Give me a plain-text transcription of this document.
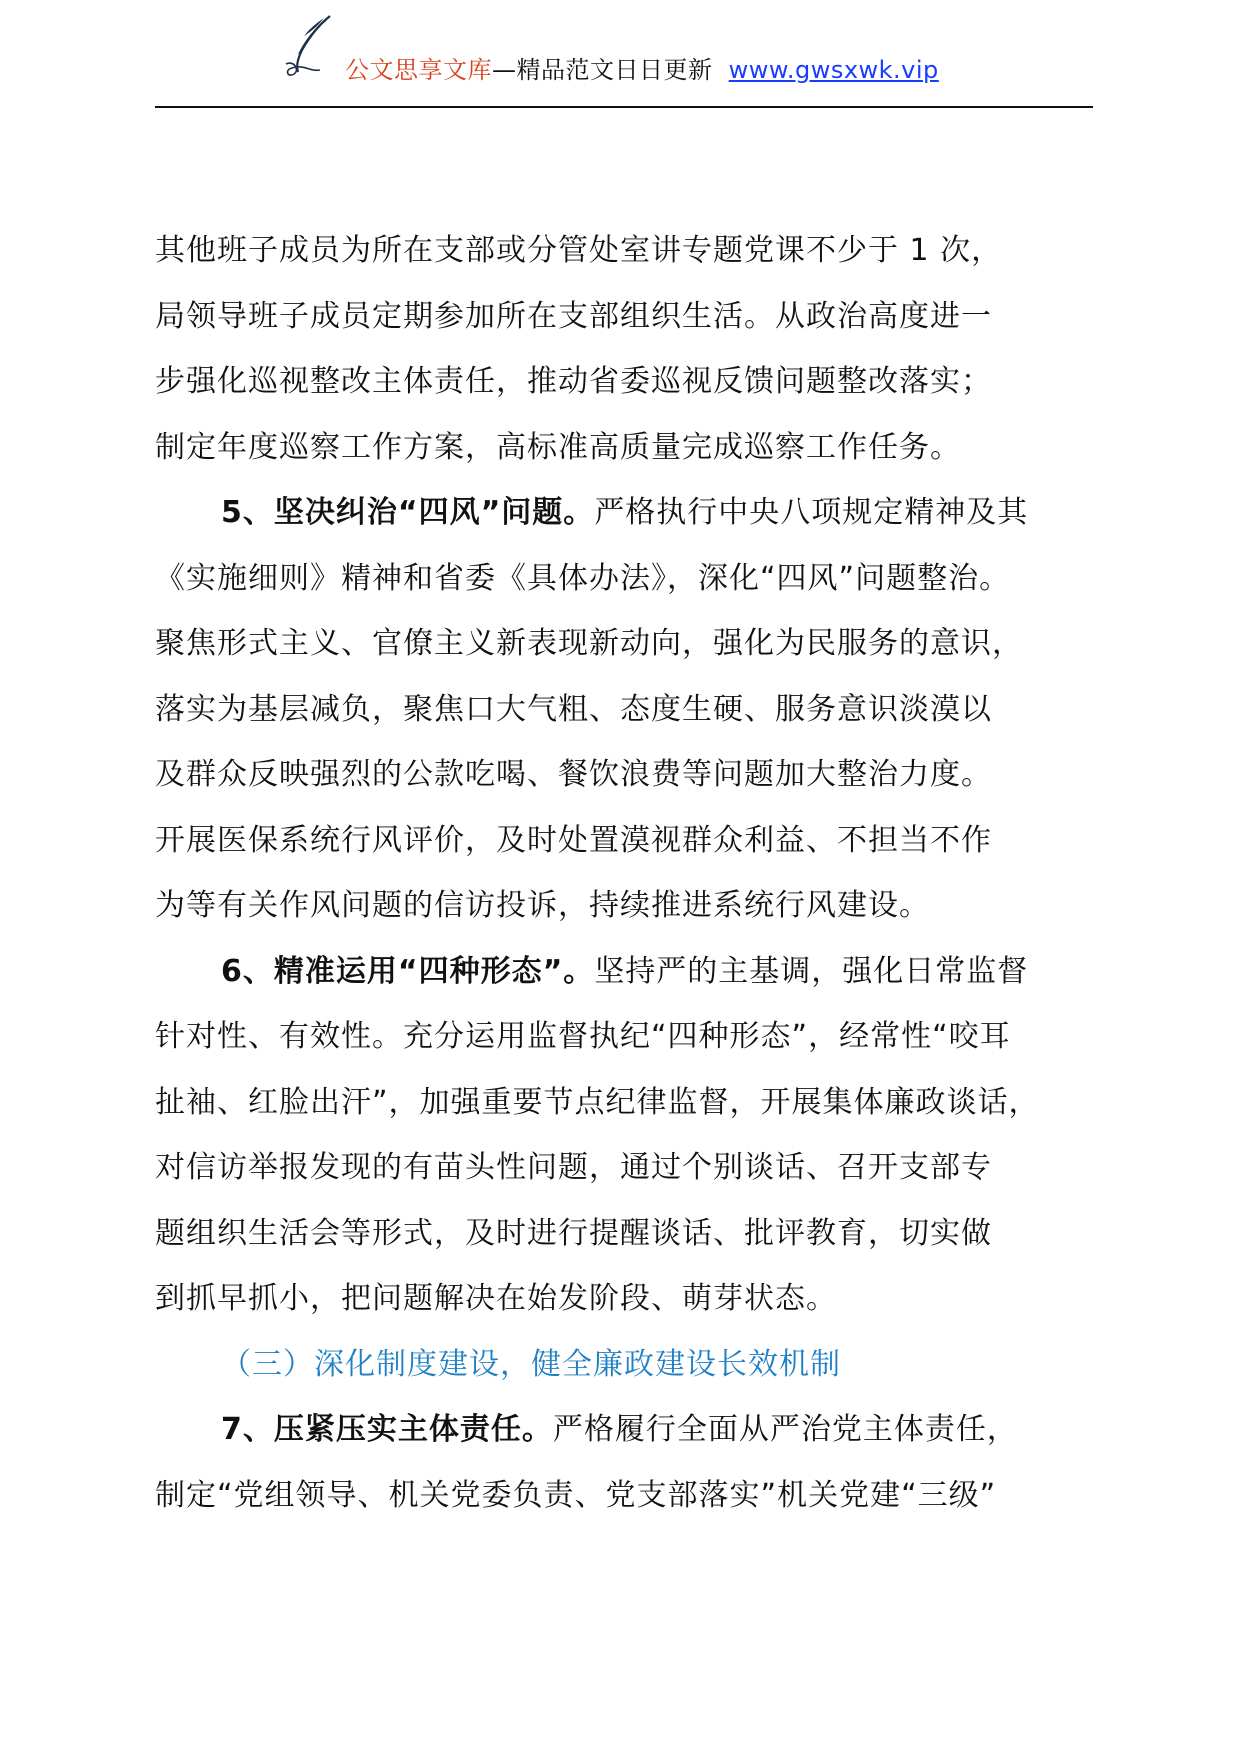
公文思享文库—精品范文日日更新 www.gwsxwk.vip
其他班子成员为所在支部或分管处室讲专题党课不少于 1 次，
局领导班子成员定期参加所在支部组织生活。从政治高度进一
步强化巡视整改主体责任，推动省委巡视反馈问题整改落实；
制定年度巡察工作方案，高标准高质量完成巡察工作任务。
5、坚决纠治“四风”问题。严格执行中央八项规定精神及其
《实施细则》精神和省委《具体办法》，深化“四风”问题整治。
聚焦形式主义、官僚主义新表现新动向，强化为民服务的意识，
落实为基层减负，聚焦口大气粗、态度生硬、服务意识淡漠以
及群众反映强烈的公款吃喝、餐饮浪费等问题加大整治力度。
开展医保系统行风评价，及时处置漠视群众利益、不担当不作
为等有关作风问题的信访投诉，持续推进系统行风建设。
6、精准运用“四种形态”。坚持严的主基调，强化日常监督
针对性、有效性。充分运用监督执纪“四种形态”，经常性“咬耳
扯袖、红脸出汗”，加强重要节点纪律监督，开展集体廉政谈话，
对信访举报发现的有苗头性问题，通过个别谈话、召开支部专
题组织生活会等形式，及时进行提醒谈话、批评教育，切实做
到抓早抓小，把问题解决在始发阶段、萌芽状态。
（三）深化制度建设，健全廉政建设长效机制
7、压紧压实主体责任。严格履行全面从严治党主体责任，
制定“党组领导、机关党委负责、党支部落实”机关党建“三级”
